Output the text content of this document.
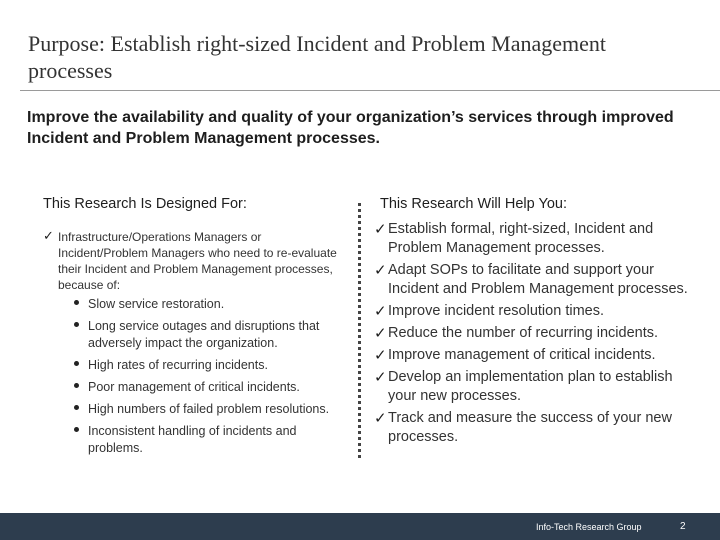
Purpose: Establish right-sized Incident and Problem Management processes
Improve the availability and quality of your organization’s services through improved Incident and Problem Management processes.
This Research Is Designed For:
✓ Infrastructure/Operations Managers or Incident/Problem Managers who need to re-evaluate their Incident and Problem Management processes, because of:
Slow service restoration.
Long service outages and disruptions that adversely impact the organization.
High rates of recurring incidents.
Poor management of critical incidents.
High numbers of failed problem resolutions.
Inconsistent handling of incidents and problems.
This Research Will Help You:
✓ Establish formal, right-sized, Incident and Problem Management processes.
✓ Adapt SOPs to facilitate and support your Incident and Problem Management processes.
✓ Improve incident resolution times.
✓ Reduce the number of recurring incidents.
✓ Improve management of critical incidents.
✓ Develop an implementation plan to establish your new processes.
✓ Track and measure the success of your new processes.
Info-Tech Research Group	2
